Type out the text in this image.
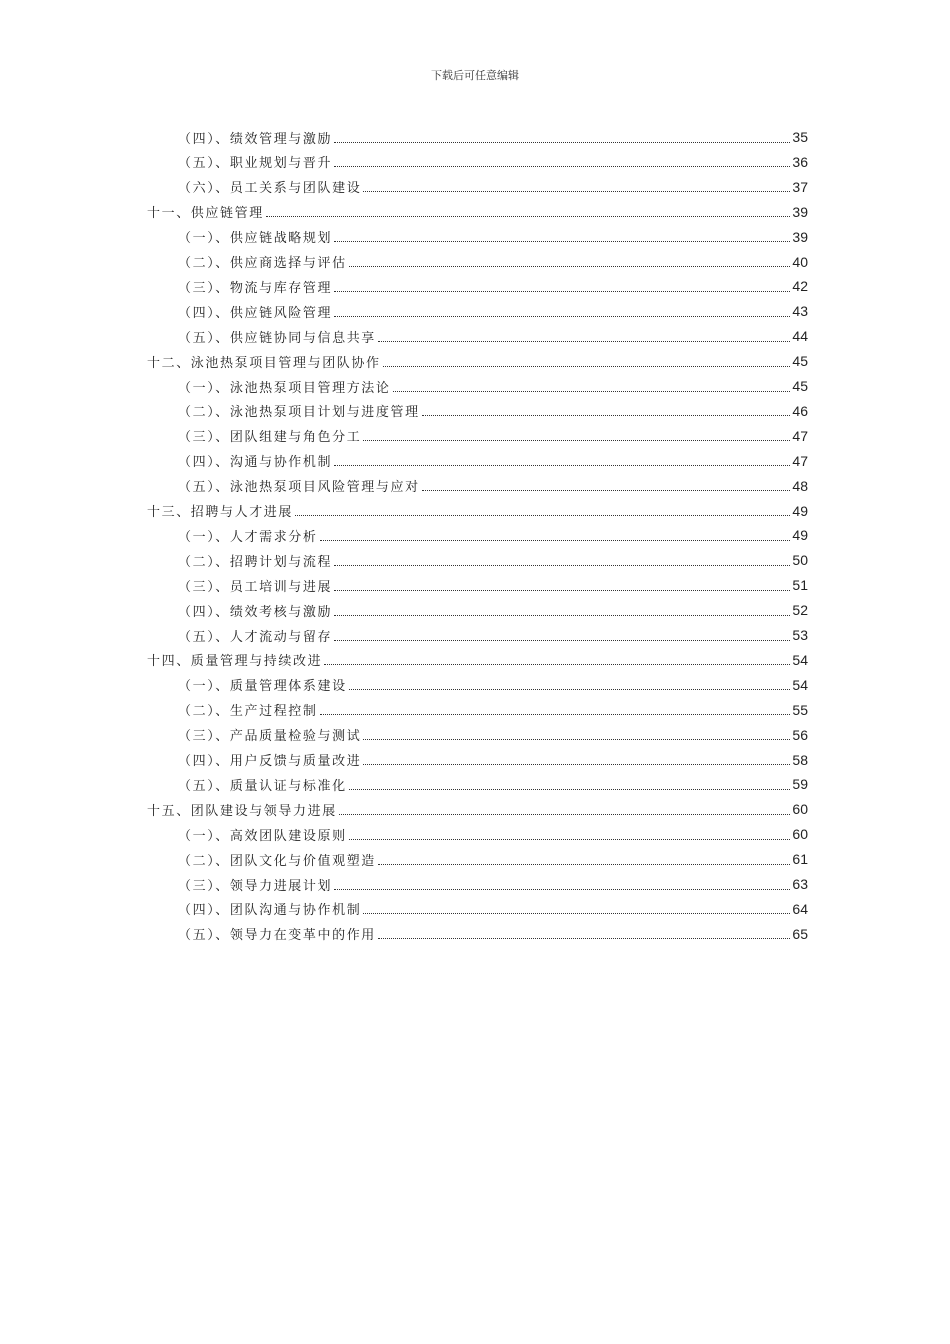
下载后可任意编辑
（四）、绩效管理与激励	35
（五）、职业规划与晋升	36
（六）、员工关系与团队建设	37
十一、供应链管理	39
（一）、供应链战略规划	39
（二）、供应商选择与评估	40
（三）、物流与库存管理	42
（四）、供应链风险管理	43
（五）、供应链协同与信息共享	44
十二、泳池热泵项目管理与团队协作	45
（一）、泳池热泵项目管理方法论	45
（二）、泳池热泵项目计划与进度管理	46
（三）、团队组建与角色分工	47
（四）、沟通与协作机制	47
（五）、泳池热泵项目风险管理与应对	48
十三、招聘与人才进展	49
（一）、人才需求分析	49
（二）、招聘计划与流程	50
（三）、员工培训与进展	51
（四）、绩效考核与激励	52
（五）、人才流动与留存	53
十四、质量管理与持续改进	54
（一）、质量管理体系建设	54
（二）、生产过程控制	55
（三）、产品质量检验与测试	56
（四）、用户反馈与质量改进	58
（五）、质量认证与标准化	59
十五、团队建设与领导力进展	60
（一）、高效团队建设原则	60
（二）、团队文化与价值观塑造	61
（三）、领导力进展计划	63
（四）、团队沟通与协作机制	64
（五）、领导力在变革中的作用	65
